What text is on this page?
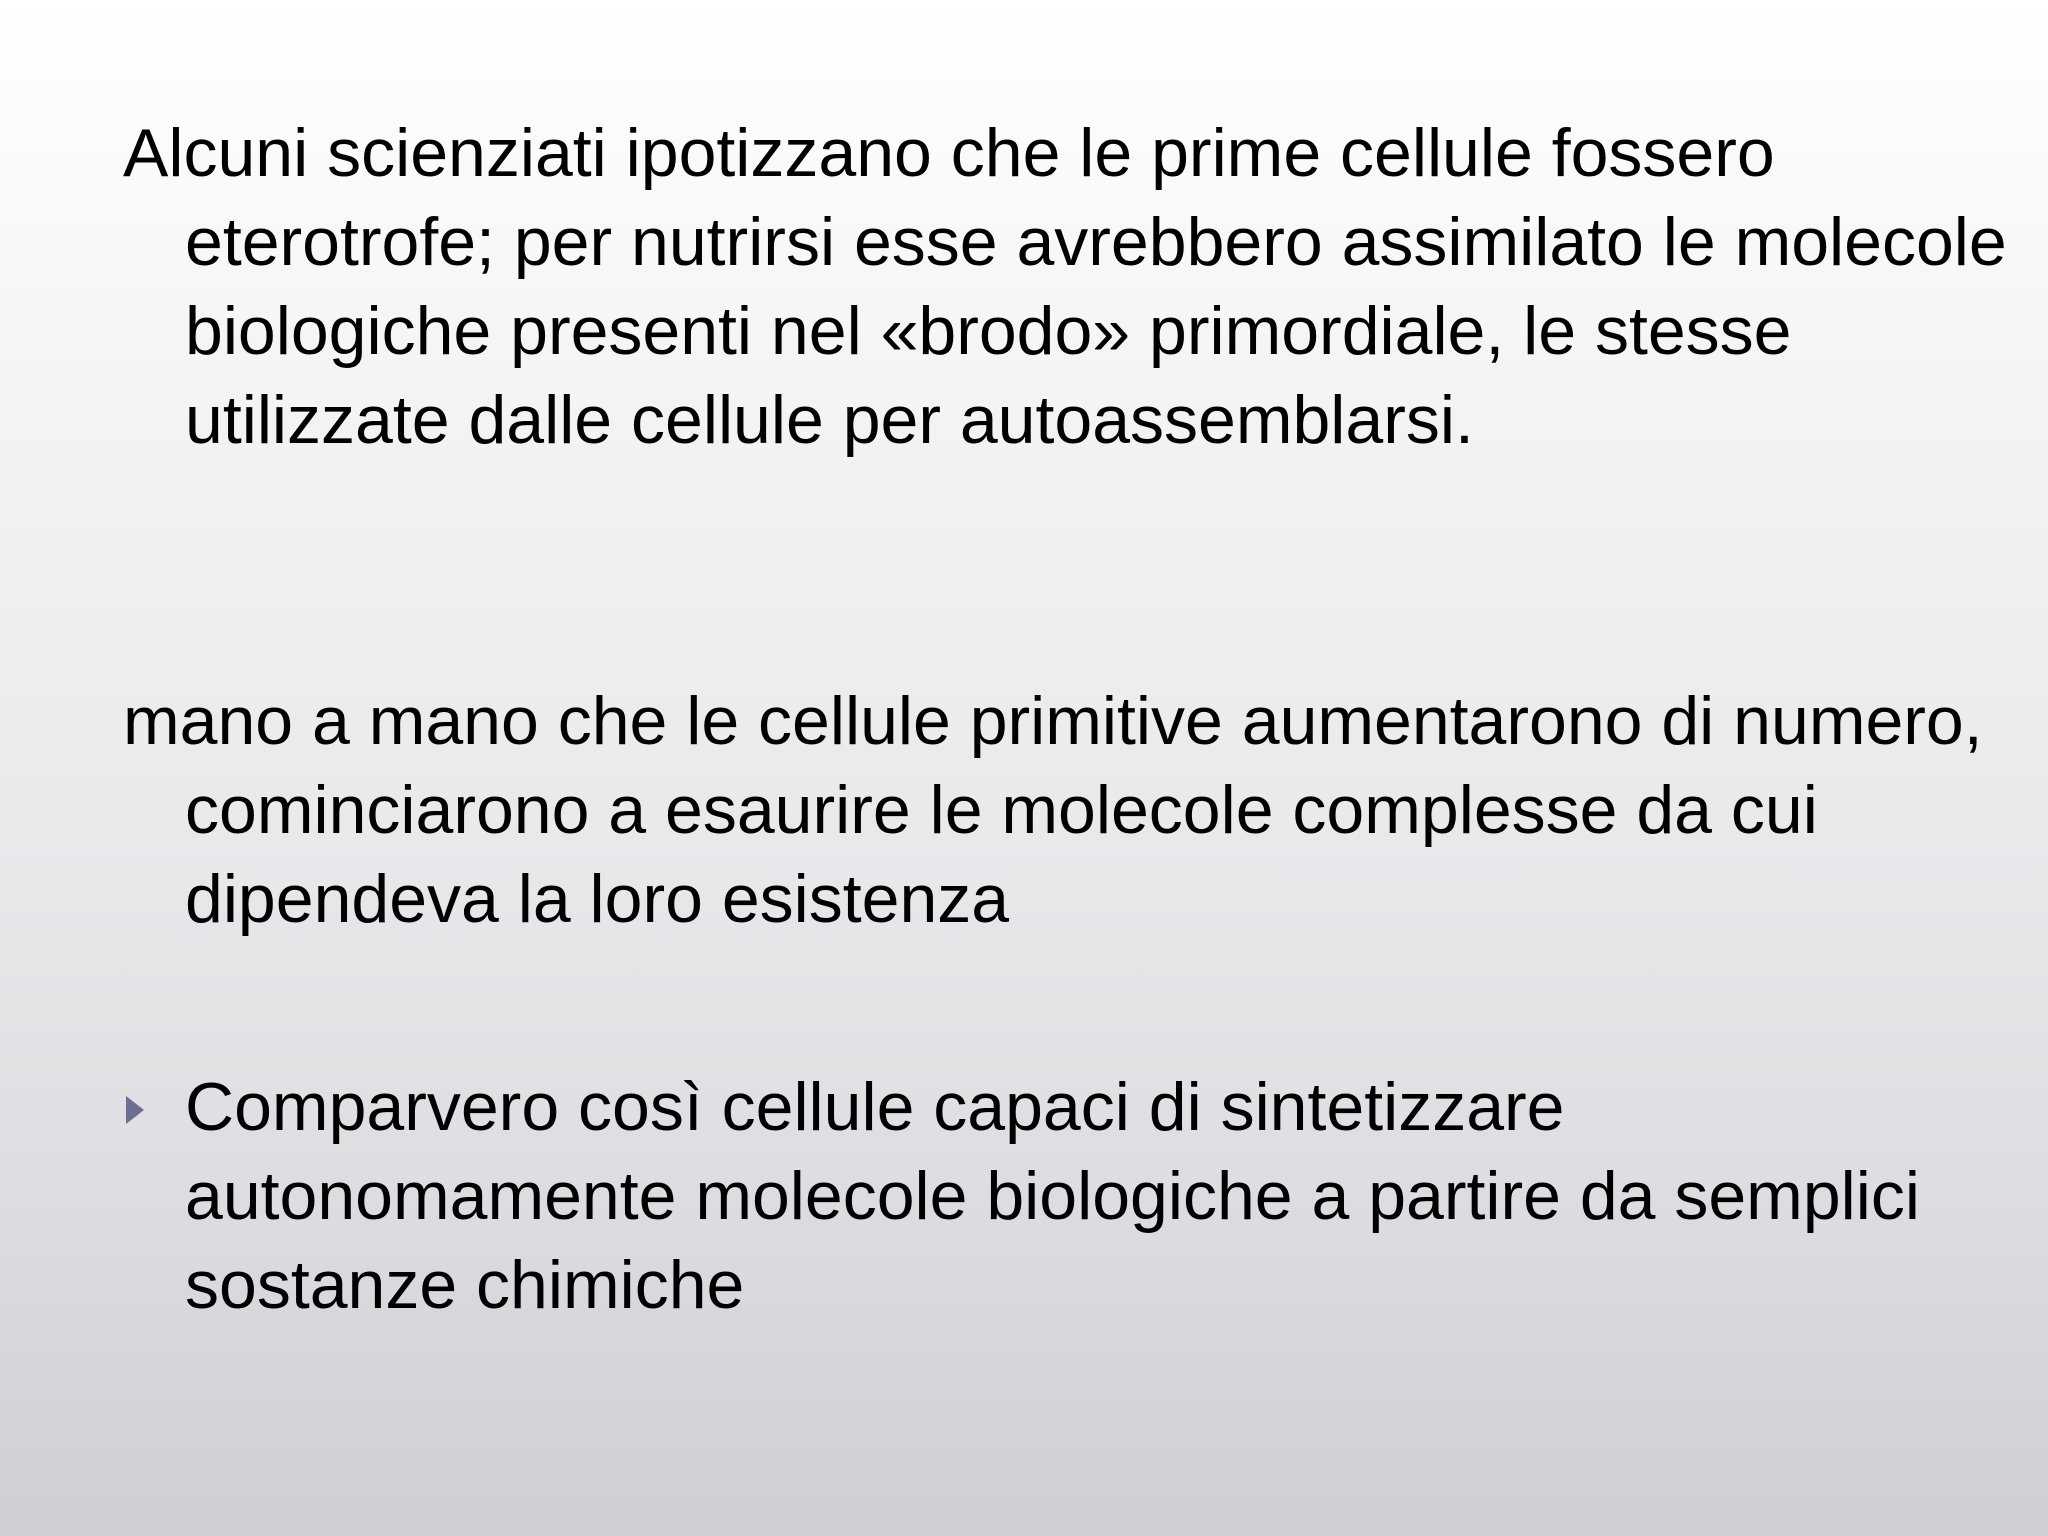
Alcuni scienziati ipotizzano che le prime cellule fossero eterotrofe; per nutrirsi esse avrebbero assimilato le molecole biologiche presenti nel «brodo» primordiale, le stesse utilizzate dalle cellule per autoassemblarsi.

mano a mano che le cellule primitive aumentarono di numero, cominciarono a esaurire le molecole complesse da cui dipendeva la loro esistenza

Comparvero così cellule capaci di sintetizzare autonomamente molecole biologiche a partire da semplici sostanze chimiche
